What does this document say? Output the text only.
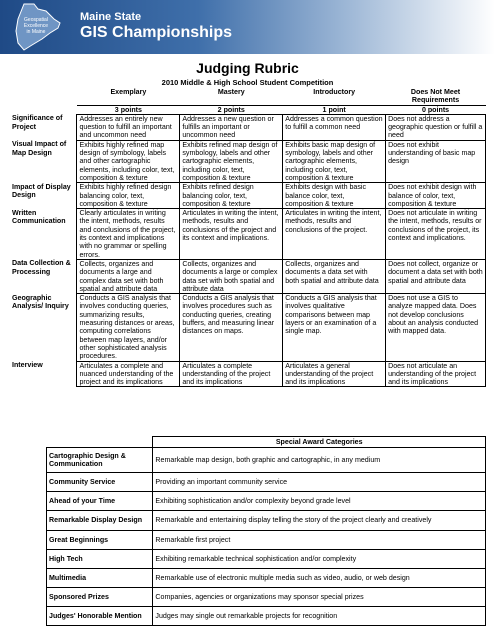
Geospatial
Excellence
in Maine
Maine State
GIS Championships
Judging Rubric
2010 Middle & High School Student Competition
	Exemplary	Mastery	Introductory	Does Not Meet Requirements
	3 points	2 points	1 point	0 points
Significance of Project	Addresses an entirely new question to fulfill an important and uncommon need	Addresses a new question or fulfills an important or uncommon need	Addresses a common question to fulfill a common need	Does not address a geographic question or fulfill a need
Visual Impact of Map Design	Exhibits highly refined map design of symbology, labels and other cartographic elements, including color, text, composition & texture	Exhibits refined map design of symbology, labels and other cartographic elements, including color, text, composition & texture	Exhibits basic map design of symbology, labels and other cartographic elements, including color, text, composition & texture	Does not exhibit understanding of basic map design
Impact of Display Design	Exhibits highly refined design balancing color, text, composition & texture	Exhibits refined design balancing color, text, composition & texture	Exhibits design with basic balance color, text, composition & texture	Does not exhibit design with balance of color, text, composition & texture
Written Communication	Clearly articulates in writing the intent, methods, results and conclusions of the project, its context and implications with no grammar or spelling errors.	Articulates in writing the intent, methods, results and conclusions of the project and its context and implications.	Articulates in writing the intent, methods, results and conclusions of the project.	Does not articulate in writing the intent, methods, results or conclusions of the project, its context and implications.
Data Collection & Processing	Collects, organizes and documents a large and complex data set with both spatial and attribute data	Collects, organizes and documents a large or complex data set with both spatial and attribute data	Collects, organizes and documents a data set with both spatial and attribute data	Does not collect, organize or document a data set with both spatial and attribute data
Geographic Analysis/ Inquiry	Conducts a GIS analysis that involves conducting queries, summarizing results, measuring distances or areas, computing correlations between map layers, and/or other sophisticated analysis procedures.	Conducts a GIS analysis that involves procedures such as conducting queries, creating buffers, and measuring linear distances on maps.	Conducts a GIS analysis that involves qualitative comparisons between map layers or an examination of a single map.	Does not use a GIS to analyze mapped data. Does not develop conclusions about an analysis conducted with mapped data.
Interview	Articulates a complete and nuanced understanding of the project and its implications	Articulates a complete understanding of the project and its implications	Articulates a general understanding of the project and its implications	Does not articulate an understanding of the project and its implications
	Special Award Categories
Cartographic Design & Communication	Remarkable map design, both graphic and cartographic, in any medium
Community Service	Providing an important community service
Ahead of your Time	Exhibiting sophistication and/or complexity beyond grade level
Remarkable Display Design	Remarkable and entertaining display telling the story of the project clearly and creatively
Great Beginnings	Remarkable first project
High Tech	Exhibiting remarkable technical sophistication and/or complexity
Multimedia	Remarkable use of electronic multiple media such as video, audio, or web design
Sponsored Prizes	Companies, agencies or organizations may sponsor special prizes
Judges' Honorable Mention	Judges may single out remarkable projects for recognition
